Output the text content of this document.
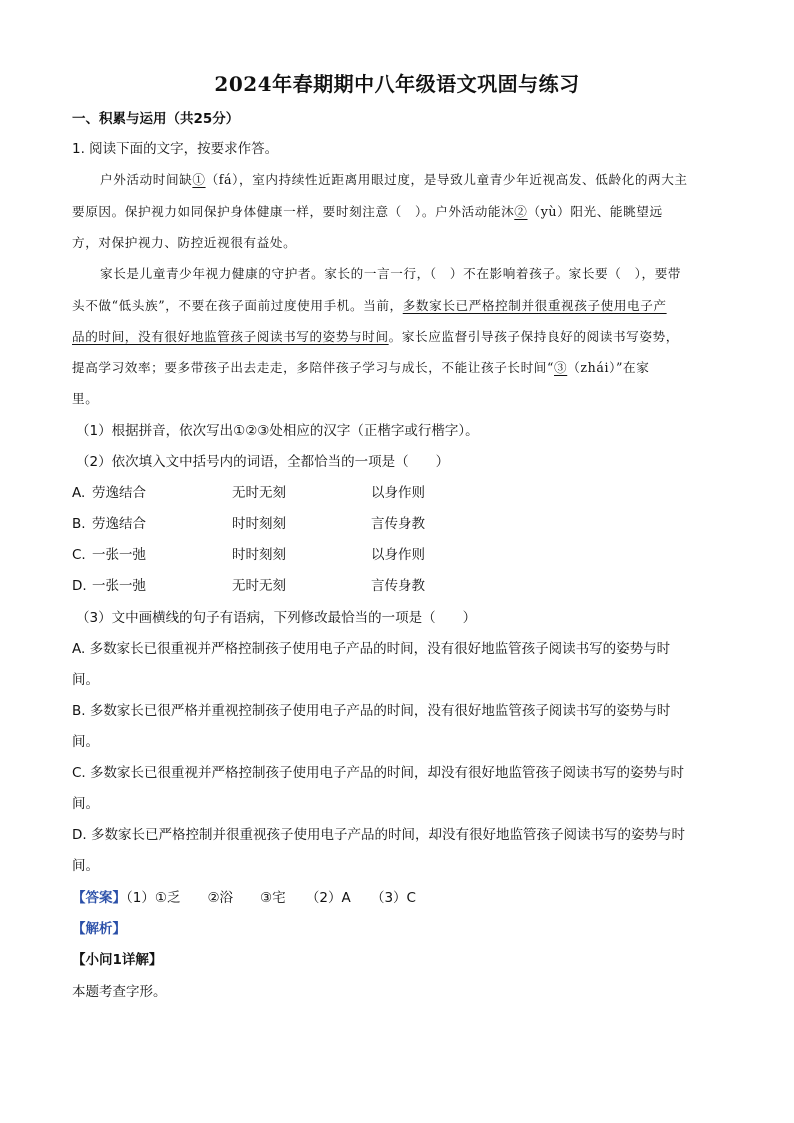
2024年春期期中八年级语文巩固与练习
一、积累与运用（共25分）
1. 阅读下面的文字，按要求作答。
户外活动时间缺①（fá），室内持续性近距离用眼过度，是导致儿童青少年近视高发、低龄化的两大主
要原因。保护视力如同保护身体健康一样，要时刻注意（　）。户外活动能沐②（yù）阳光、能眺望远
方，对保护视力、防控近视很有益处。
家长是儿童青少年视力健康的守护者。家长的一言一行，（　）不在影响着孩子。家长要（　），要带
头不做“低头族”，不要在孩子面前过度使用手机。当前，多数家长已严格控制并很重视孩子使用电子产
品的时间，没有很好地监管孩子阅读书写的姿势与时间。家长应监督引导孩子保持良好的阅读书写姿势，
提高学习效率；要多带孩子出去走走，多陪伴孩子学习与成长，不能让孩子长时间“③（zhái）”在家
里。
（1）根据拼音，依次写出①②③处相应的汉字（正楷字或行楷字）。
（2）依次填入文中括号内的词语，全都恰当的一项是（　　）
A. 劳逸结合	无时无刻	以身作则
B. 劳逸结合	时时刻刻	言传身教
C. 一张一弛	时时刻刻	以身作则
D. 一张一弛	无时无刻	言传身教
（3）文中画横线的句子有语病，下列修改最恰当的一项是（　　）
A. 多数家长已很重视并严格控制孩子使用电子产品的时间，没有很好地监管孩子阅读书写的姿势与时
间。
B. 多数家长已很严格并重视控制孩子使用电子产品的时间，没有很好地监管孩子阅读书写的姿势与时
间。
C. 多数家长已很重视并严格控制孩子使用电子产品的时间，却没有很好地监管孩子阅读书写的姿势与时
间。
D. 多数家长已严格控制并很重视孩子使用电子产品的时间，却没有很好地监管孩子阅读书写的姿势与时
间。
【答案】（1）①乏　　②浴　　③宅　　（2）A　　（3）C
【解析】
【小问1详解】
本题考查字形。
